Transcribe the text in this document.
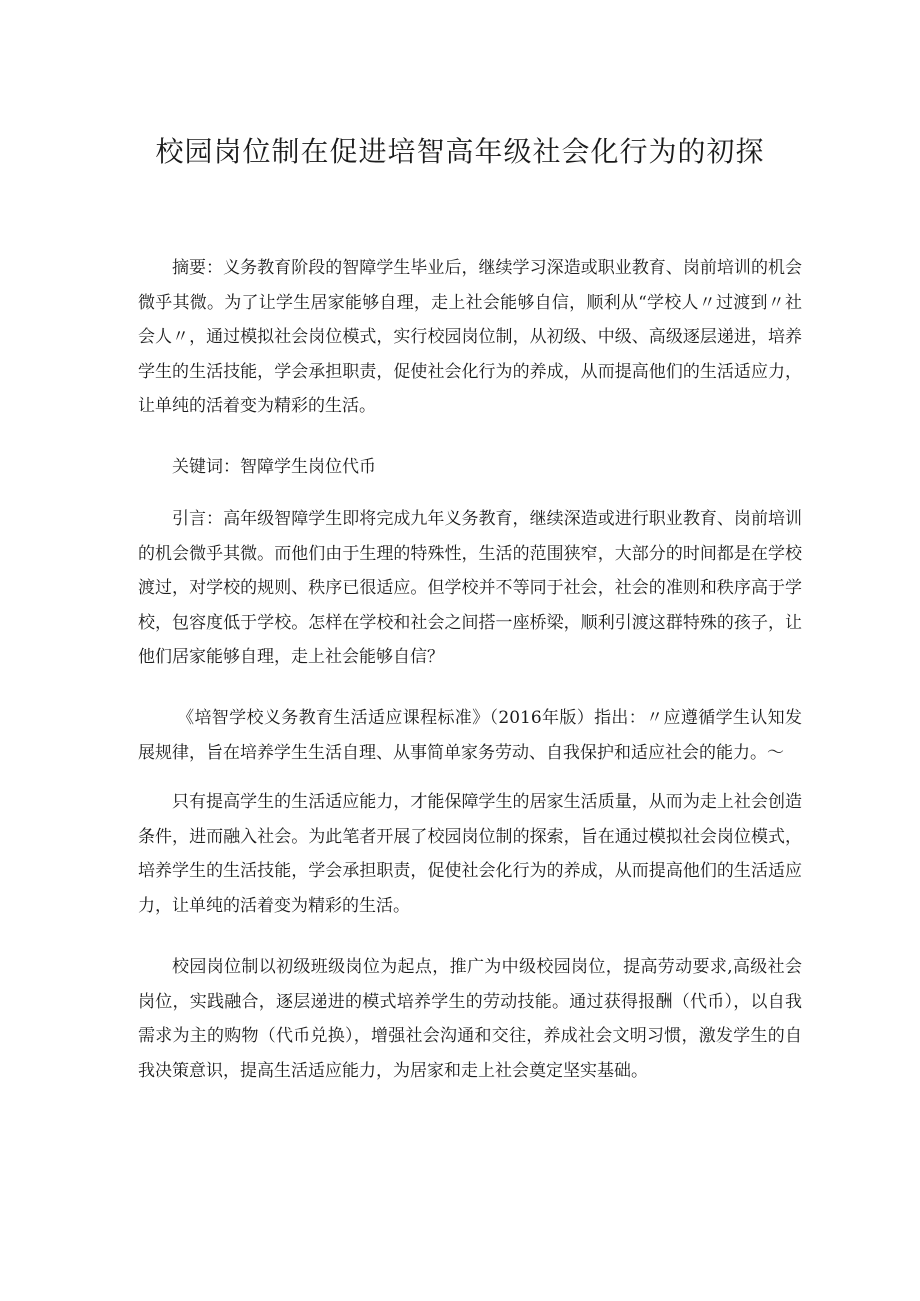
校园岗位制在促进培智高年级社会化行为的初探

摘要：义务教育阶段的智障学生毕业后，继续学习深造或职业教育、岗前培训的机会微乎其微。为了让学生居家能够自理，走上社会能够自信，顺利从“学校人〃过渡到〃社会人〃，通过模拟社会岗位模式，实行校园岗位制，从初级、中级、高级逐层递进，培养学生的生活技能，学会承担职责，促使社会化行为的养成，从而提高他们的生活适应力，让单纯的活着变为精彩的生活。

关键词：智障学生岗位代币

引言：高年级智障学生即将完成九年义务教育，继续深造或进行职业教育、岗前培训的机会微乎其微。而他们由于生理的特殊性，生活的范围狭窄，大部分的时间都是在学校渡过，对学校的规则、秩序已很适应。但学校并不等同于社会，社会的准则和秩序高于学校，包容度低于学校。怎样在学校和社会之间搭一座桥梁，顺利引渡这群特殊的孩子，让他们居家能够自理，走上社会能够自信？

《培智学校义务教育生活适应课程标准》（2016年版）指出：〃应遵循学生认知发展规律，旨在培养学生生活自理、从事简单家务劳动、自我保护和适应社会的能力。〜

只有提高学生的生活适应能力，才能保障学生的居家生活质量，从而为走上社会创造条件，进而融入社会。为此笔者开展了校园岗位制的探索，旨在通过模拟社会岗位模式，培养学生的生活技能，学会承担职责，促使社会化行为的养成，从而提高他们的生活适应力，让单纯的活着变为精彩的生活。

校园岗位制以初级班级岗位为起点，推广为中级校园岗位，提高劳动要求,高级社会岗位，实践融合，逐层递进的模式培养学生的劳动技能。通过获得报酬（代币），以自我需求为主的购物（代币兑换），增强社会沟通和交往，养成社会文明习惯，激发学生的自我决策意识，提高生活适应能力，为居家和走上社会奠定坚实基础。
